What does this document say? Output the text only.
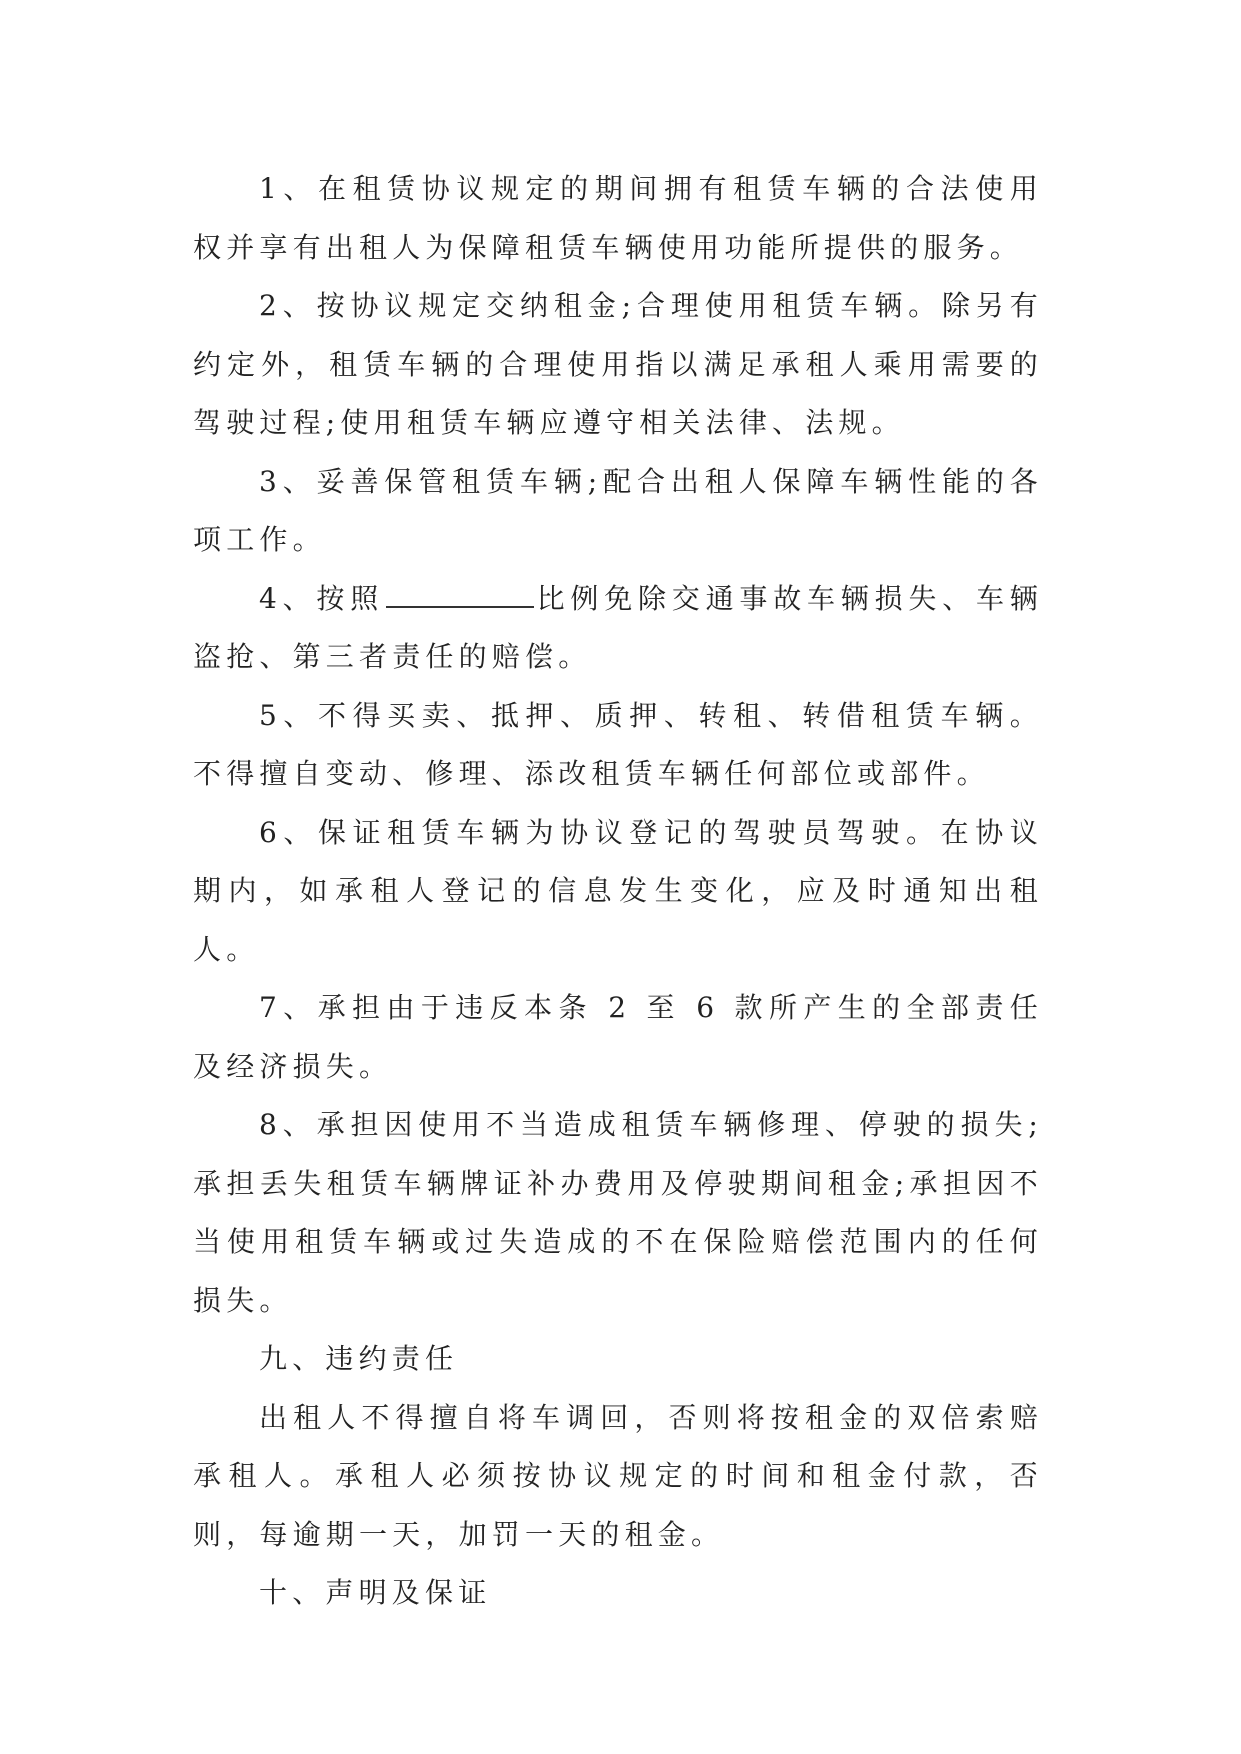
1、在租赁协议规定的期间拥有租赁车辆的合法使用权并享有出租人为保障租赁车辆使用功能所提供的服务。

2、按协议规定交纳租金;合理使用租赁车辆。除另有约定外，租赁车辆的合理使用指以满足承租人乘用需要的驾驶过程;使用租赁车辆应遵守相关法律、法规。

3、妥善保管租赁车辆;配合出租人保障车辆性能的各项工作。

4、按照	比例免除交通事故车辆损失、车辆盗抢、第三者责任的赔偿。

5、不得买卖、抵押、质押、转租、转借租赁车辆。不得擅自变动、修理、添改租赁车辆任何部位或部件。

6、保证租赁车辆为协议登记的驾驶员驾驶。在协议期内，如承租人登记的信息发生变化，应及时通知出租人。

7、承担由于违反本条 2 至 6 款所产生的全部责任及经济损失。

8、承担因使用不当造成租赁车辆修理、停驶的损失;承担丢失租赁车辆牌证补办费用及停驶期间租金;承担因不当使用租赁车辆或过失造成的不在保险赔偿范围内的任何损失。

九、违约责任

出租人不得擅自将车调回，否则将按租金的双倍索赔承租人。承租人必须按协议规定的时间和租金付款，否则，每逾期一天，加罚一天的租金。

十、声明及保证
